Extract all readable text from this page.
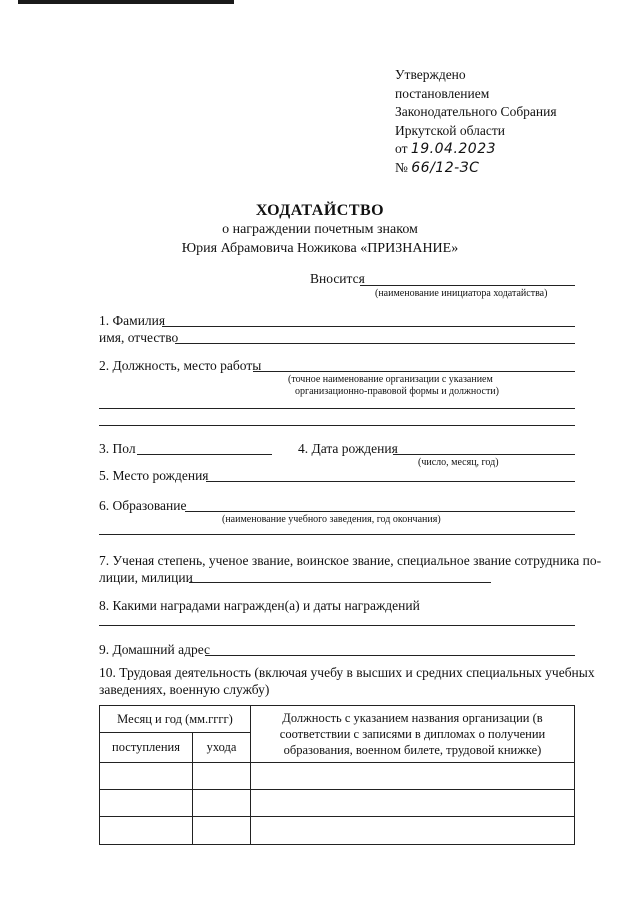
Утверждено
постановлением
Законодательного Собрания
Иркутской области
от 19.04.2023
№ 66/12-ЗС
ХОДАТАЙСТВО
о награждении почетным знаком
Юрия Абрамовича Ножикова «ПРИЗНАНИЕ»
Вносится
(наименование инициатора ходатайства)
1. Фамилия
имя, отчество
2. Должность, место работы
(точное наименование организации с указанием
организационно-правовой формы и должности)
3. Пол	4. Дата рождения
(число, месяц, год)
5. Место рождения
6. Образование
(наименование учебного заведения, год окончания)
7. Ученая степень, ученое звание, воинское звание, специальное звание сотрудника по-
лиции, милиции
8. Какими наградами награжден(а) и даты награждений
9. Домашний адрес
10. Трудовая деятельность (включая учебу в высших и средних специальных учебных
заведениях, военную службу)
Месяц и год (мм.гггг)		Должность с указанием названия организации (в соответствии с записями в дипломах о получении образования, военном билете, трудовой книжке)
поступления	ухода	
